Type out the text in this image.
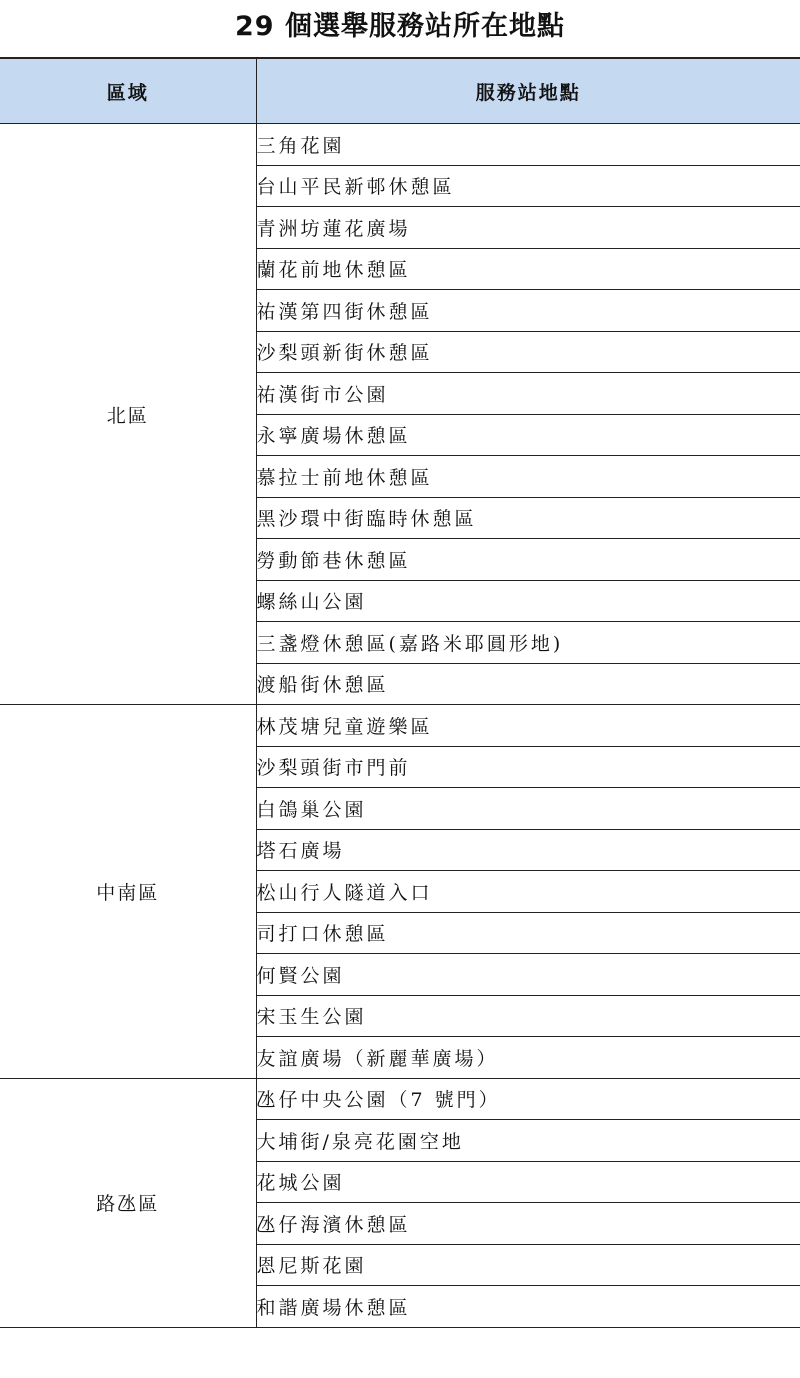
29 個選舉服務站所在地點
區域	服務站地點
北區	三角花園
	台山平民新邨休憩區
	青洲坊蓮花廣場
	蘭花前地休憩區
	祐漢第四街休憩區
	沙梨頭新街休憩區
	祐漢街市公園
	永寧廣場休憩區
	慕拉士前地休憩區
	黑沙環中街臨時休憩區
	勞動節巷休憩區
	螺絲山公園
	三盞燈休憩區(嘉路米耶圓形地)
	渡船街休憩區
中南區	林茂塘兒童遊樂區
	沙梨頭街市門前
	白鴿巢公園
	塔石廣場
	松山行人隧道入口
	司打口休憩區
	何賢公園
	宋玉生公園
	友誼廣場（新麗華廣場）
路氹區	氹仔中央公園（7 號門）
	大埔街/泉亮花園空地
	花城公園
	氹仔海濱休憩區
	恩尼斯花園
	和諧廣場休憩區
